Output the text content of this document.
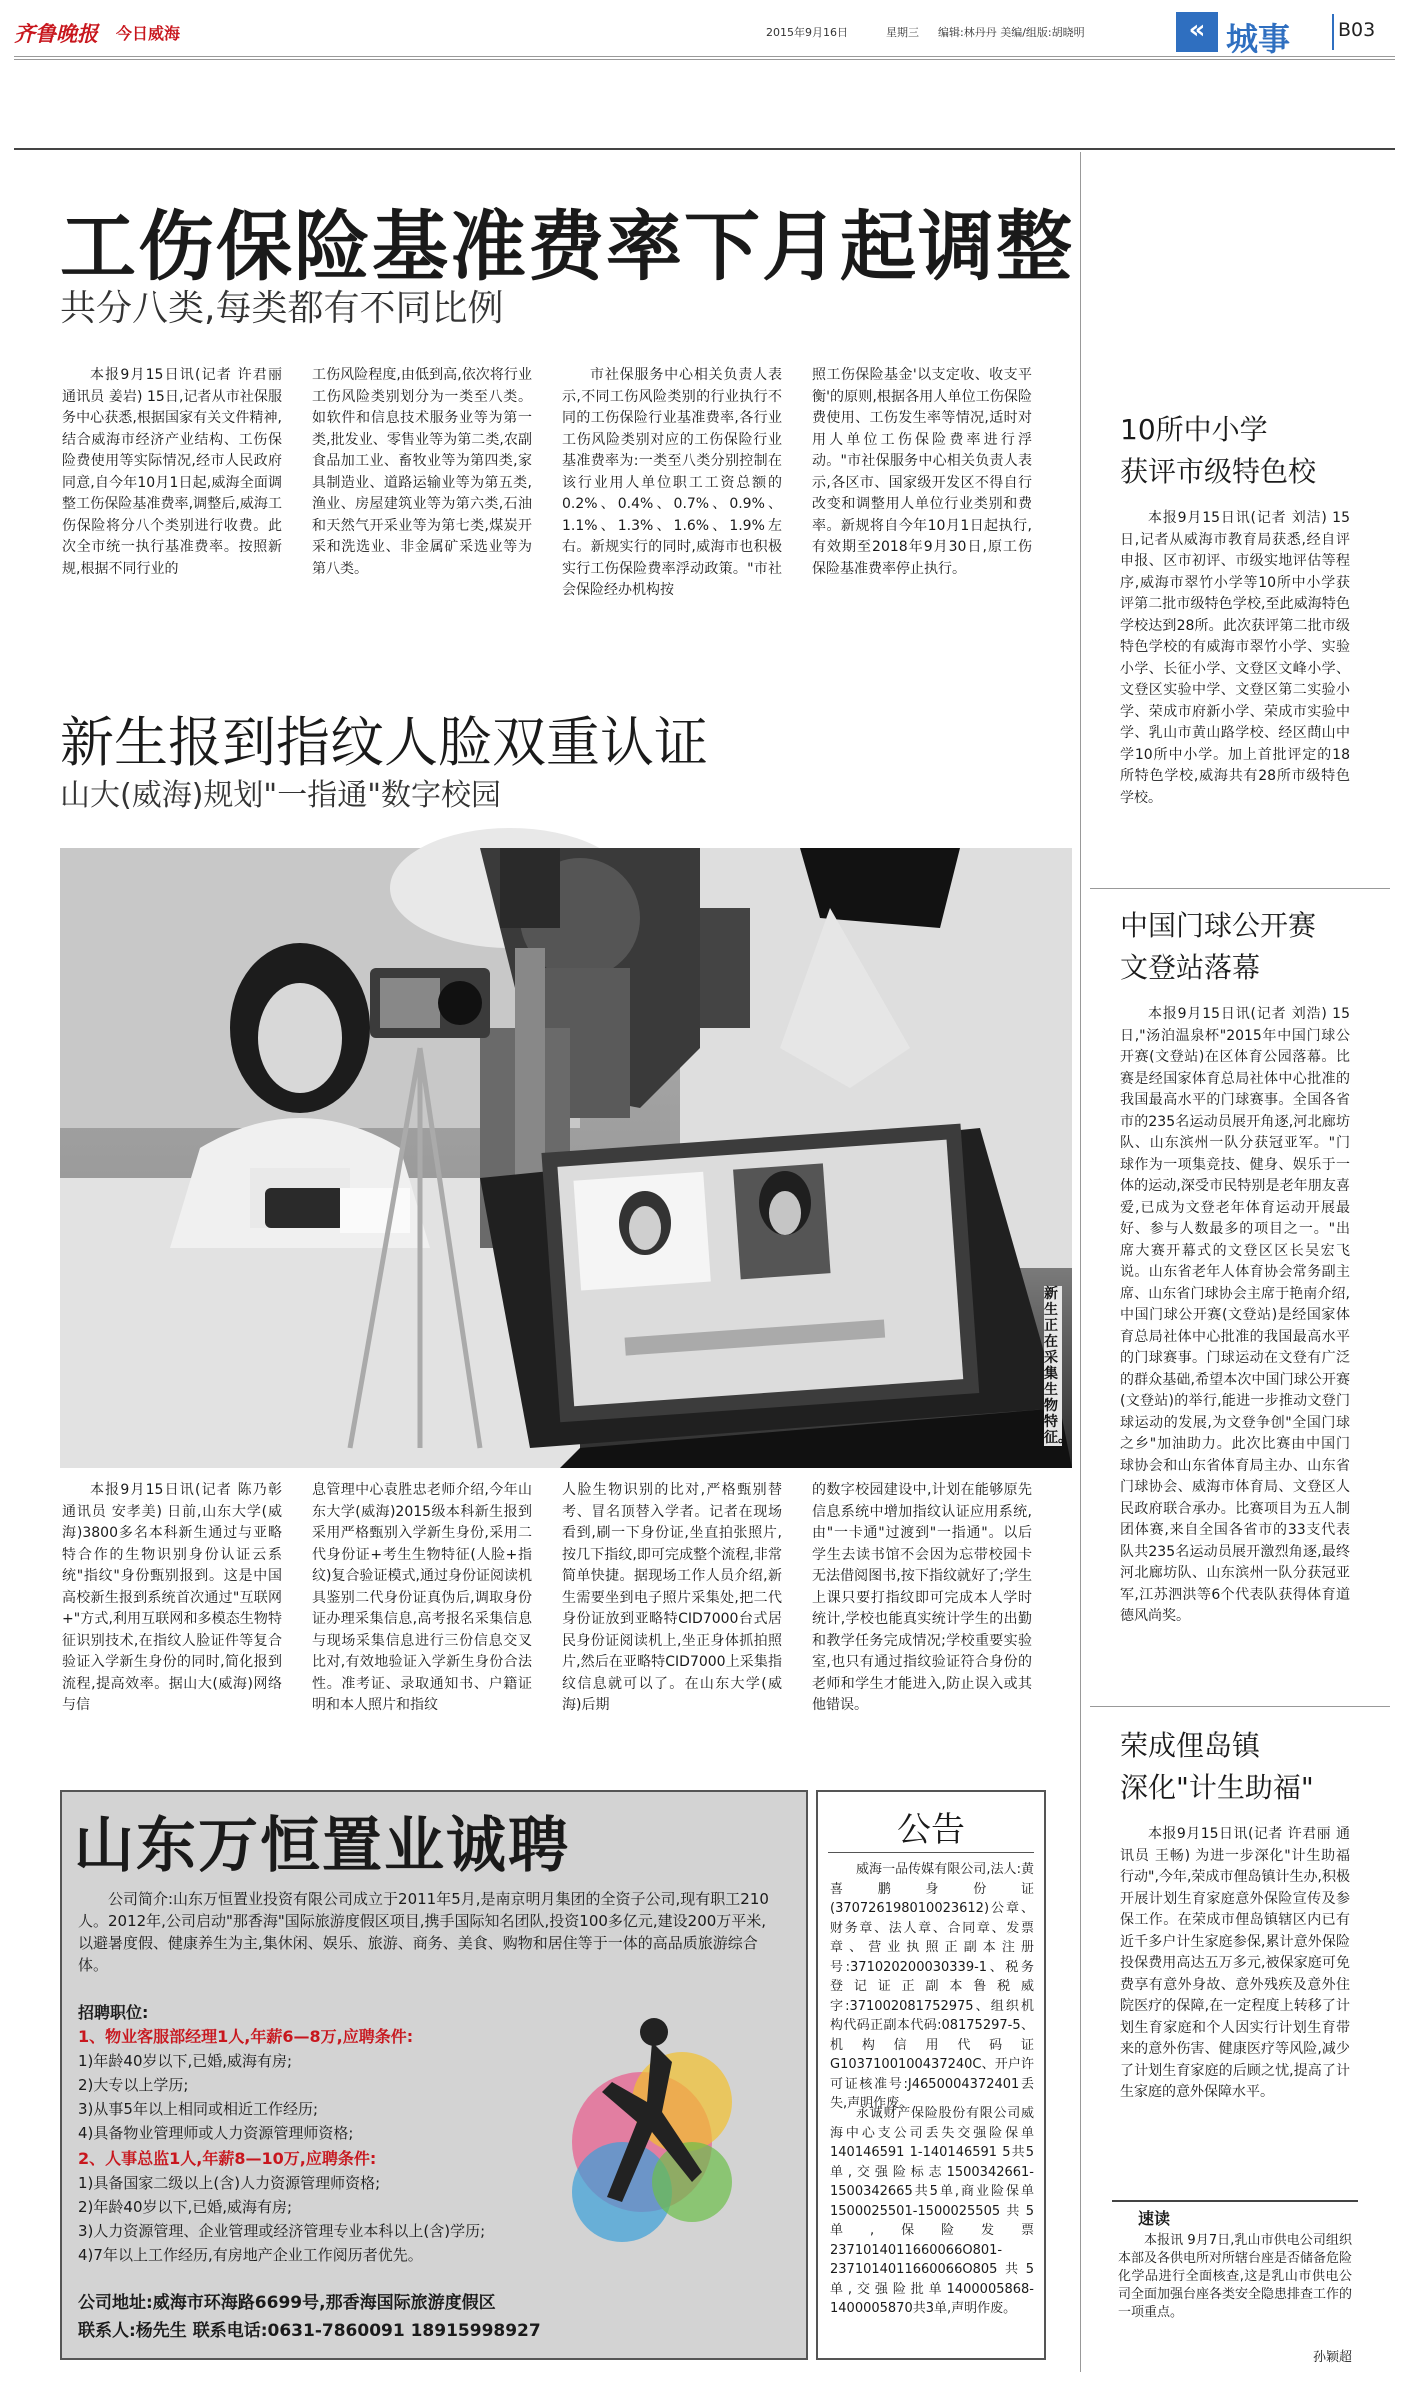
齐鲁晚报 今日威海	2015年9月16日	星期三 编辑:林丹丹 美编/组版:胡晓明	« 城事	B03
工伤保险基准费率下月起调整
共分八类,每类都有不同比例
本报9月15日讯(记者 许君丽 通讯员 姜岩) 15日,记者从市社保服务中心获悉,根据国家有关文件精神,结合威海市经济产业结构、工伤保险费使用等实际情况,经市人民政府同意,自今年10月1日起,威海全面调整工伤保险基准费率,调整后,威海工伤保险将分八个类别进行收费。此次全市统一执行基准费率。按照新规,根据不同行业的
工伤风险程度,由低到高,依次将行业工伤风险类别划分为一类至八类。如软件和信息技术服务业等为第一类,批发业、零售业等为第二类,农副食品加工业、畜牧业等为第四类,家具制造业、道路运输业等为第五类,渔业、房屋建筑业等为第六类,石油和天然气开采业等为第七类,煤炭开采和洗选业、非金属矿采选业等为第八类。
市社保服务中心相关负责人表示,不同工伤风险类别的行业执行不同的工伤保险行业基准费率,各行业工伤风险类别对应的工伤保险行业基准费率为:一类至八类分别控制在该行业用人单位职工工资总额的0.2%、0.4%、0.7%、0.9%、1.1%、1.3%、1.6%、1.9%左右。新规实行的同时,威海市也积极实行工伤保险费率浮动政策。"市社会保险经办机构按
照工伤保险基金'以支定收、收支平衡'的原则,根据各用人单位工伤保险费使用、工伤发生率等情况,适时对用人单位工伤保险费率进行浮动。"市社保服务中心相关负责人表示,各区市、国家级开发区不得自行改变和调整用人单位行业类别和费率。新规将自今年10月1日起执行,有效期至2018年9月30日,原工伤保险基准费率停止执行。
新生报到指纹人脸双重认证
山大(威海)规划"一指通"数字校园
新生正在采集生物特征。
本报9月15日讯(记者 陈乃彰 通讯员 安孝美) 日前,山东大学(威海)3800多名本科新生通过与亚略特合作的生物识别身份认证云系统"指纹"身份甄别报到。这是中国高校新生报到系统首次通过"互联网+"方式,利用互联网和多模态生物特征识别技术,在指纹人脸证件等复合验证入学新生身份的同时,简化报到流程,提高效率。据山大(威海)网络与信
息管理中心袁胜忠老师介绍,今年山东大学(威海)2015级本科新生报到采用严格甄别入学新生身份,采用二代身份证+考生生物特征(人脸+指纹)复合验证模式,通过身份证阅读机具鉴别二代身份证真伪后,调取身份证办理采集信息,高考报名采集信息与现场采集信息进行三份信息交叉比对,有效地验证入学新生身份合法性。准考证、录取通知书、户籍证明和本人照片和指纹
人脸生物识别的比对,严格甄别替考、冒名顶替入学者。记者在现场看到,刷一下身份证,坐直拍张照片,按几下指纹,即可完成整个流程,非常简单快捷。据现场工作人员介绍,新生需要坐到电子照片采集处,把二代身份证放到亚略特CID7000台式居民身份证阅读机上,坐正身体抓拍照片,然后在亚略特CID7000上采集指纹信息就可以了。在山东大学(威海)后期
的数字校园建设中,计划在能够原先信息系统中增加指纹认证应用系统,由"一卡通"过渡到"一指通"。以后学生去读书馆不会因为忘带校园卡无法借阅图书,按下指纹就好了;学生上课只要打指纹即可完成本人学时统计,学校也能真实统计学生的出勤和教学任务完成情况;学校重要实验室,也只有通过指纹验证符合身份的老师和学生才能进入,防止误入或其他错误。
山东万恒置业诚聘
公司简介:山东万恒置业投资有限公司成立于2011年5月,是南京明月集团的全资子公司,现有职工210人。2012年,公司启动"那香海"国际旅游度假区项目,携手国际知名团队,投资100多亿元,建设200万平米,以避暑度假、健康养生为主,集休闲、娱乐、旅游、商务、美食、购物和居住等于一体的高品质旅游综合体。
招聘职位:
1、物业客服部经理1人,年薪6—8万,应聘条件:
1)年龄40岁以下,已婚,威海有房;
2)大专以上学历;
3)从事5年以上相同或相近工作经历;
4)具备物业管理师或人力资源管理师资格;
2、人事总监1人,年薪8—10万,应聘条件:
1)具备国家二级以上(含)人力资源管理师资格;
2)年龄40岁以下,已婚,威海有房;
3)人力资源管理、企业管理或经济管理专业本科以上(含)学历;
4)7年以上工作经历,有房地产企业工作阅历者优先。
公司地址:威海市环海路6699号,那香海国际旅游度假区
联系人:杨先生 联系电话:0631-7860091 18915998927
公告
威海一品传媒有限公司,法人:黄喜鹏身份证(370726198010023612)公章、财务章、法人章、合同章、发票章、营业执照正副本注册号:371020200030339-1、税务登记证正副本鲁税威字:371002081752975、组织机构代码正副本代码:08175297-5、机构信用代码证G1037100100437240C、开户许可证核准号:J4650004372401丢失,声明作废。
永诚财产保险股份有限公司威海中心支公司丢失交强险保单140146591 1-140146591 5共5单,交强险标志1500342661-1500342665共5单,商业险保单1500025501-1500025505共5单,保险发票2371014011660066O801-2371014011660066O805共5单,交强险批单1400005868-1400005870共3单,声明作废。
10所中小学
获评市级特色校
本报9月15日讯(记者 刘洁) 15日,记者从威海市教育局获悉,经自评申报、区市初评、市级实地评估等程序,威海市翠竹小学等10所中小学获评第二批市级特色学校,至此威海特色学校达到28所。此次获评第二批市级特色学校的有威海市翠竹小学、实验小学、长征小学、文登区文峰小学、文登区实验中学、文登区第二实验小学、荣成市府新小学、荣成市实验中学、乳山市黄山路学校、经区蔄山中学10所中小学。加上首批评定的18所特色学校,威海共有28所市级特色学校。
中国门球公开赛
文登站落幕
本报9月15日讯(记者 刘浩) 15日,"汤泊温泉杯"2015年中国门球公开赛(文登站)在区体育公园落幕。比赛是经国家体育总局社体中心批准的我国最高水平的门球赛事。全国各省市的235名运动员展开角逐,河北廊坊队、山东滨州一队分获冠亚军。"门球作为一项集竞技、健身、娱乐于一体的运动,深受市民特别是老年朋友喜爱,已成为文登老年体育运动开展最好、参与人数最多的项目之一。"出席大赛开幕式的文登区区长吴宏飞说。山东省老年人体育协会常务副主席、山东省门球协会主席于艳南介绍,中国门球公开赛(文登站)是经国家体育总局社体中心批准的我国最高水平的门球赛事。门球运动在文登有广泛的群众基础,希望本次中国门球公开赛(文登站)的举行,能进一步推动文登门球运动的发展,为文登争创"全国门球之乡"加油助力。此次比赛由中国门球协会和山东省体育局主办、山东省门球协会、威海市体育局、文登区人民政府联合承办。比赛项目为五人制团体赛,来自全国各省市的33支代表队共235名运动员展开激烈角逐,最终河北廊坊队、山东滨州一队分获冠亚军,江苏泗洪等6个代表队获得体育道德风尚奖。
荣成俚岛镇
深化"计生助福"
本报9月15日讯(记者 许君丽 通讯员 王畅) 为进一步深化"计生助福行动",今年,荣成市俚岛镇计生办,积极开展计划生育家庭意外保险宣传及参保工作。在荣成市俚岛镇辖区内已有近千多户计生家庭参保,累计意外保险投保费用高达五万多元,被保家庭可免费享有意外身故、意外残疾及意外住院医疗的保障,在一定程度上转移了计划生育家庭和个人因实行计划生育带来的意外伤害、健康医疗等风险,减少了计划生育家庭的后顾之忧,提高了计生家庭的意外保障水平。
速读
本报讯 9月7日,乳山市供电公司组织本部及各供电所对所辖台座是否储备危险化学品进行全面核查,这是乳山市供电公司全面加强台座各类安全隐患排查工作的一项重点。
孙颖超
